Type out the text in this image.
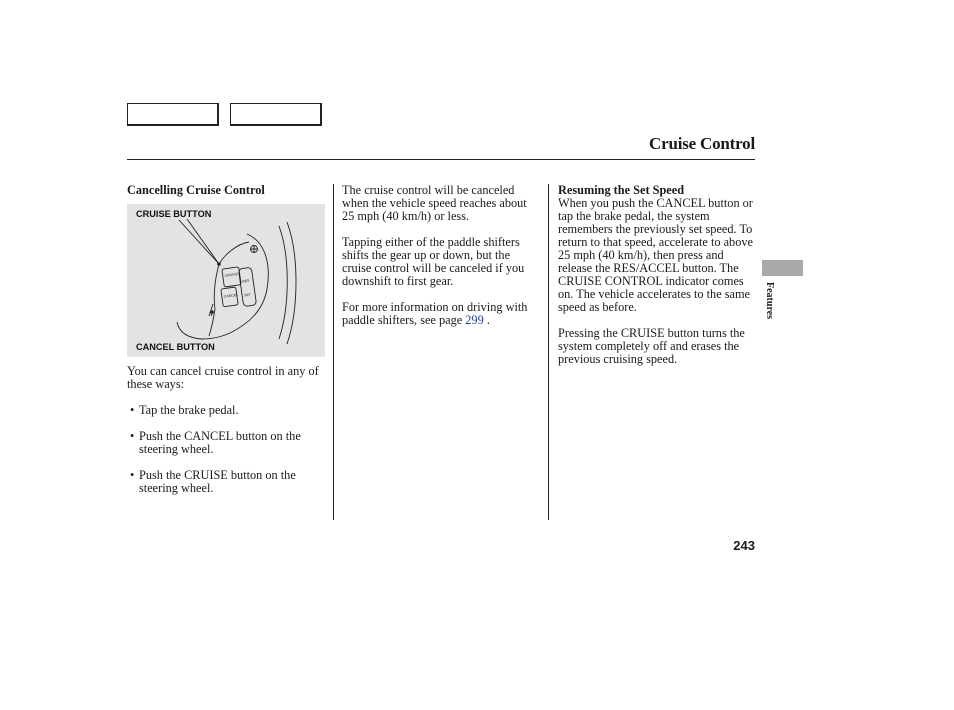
Cruise Control
Cancelling Cruise Control
CRUISE BUTTON
CRUISE
CANCEL
RES
SET
CANCEL BUTTON

You can cancel cruise control in any of these ways:

• Tap the brake pedal.
• Push the CANCEL button on the steering wheel.
• Push the CRUISE button on the steering wheel.

The cruise control will be canceled when the vehicle speed reaches about 25 mph (40 km/h) or less.

Tapping either of the paddle shifters shifts the gear up or down, but the cruise control will be canceled if you downshift to first gear.

For more information on driving with paddle shifters, see page 299 .

Resuming the Set Speed

When you push the CANCEL button or tap the brake pedal, the system remembers the previously set speed. To return to that speed, accelerate to above 25 mph (40 km/h), then press and release the RES/ACCEL button. The CRUISE CONTROL indicator comes on. The vehicle accelerates to the same speed as before.

Pressing the CRUISE button turns the system completely off and erases the previous cruising speed.

Features
243
